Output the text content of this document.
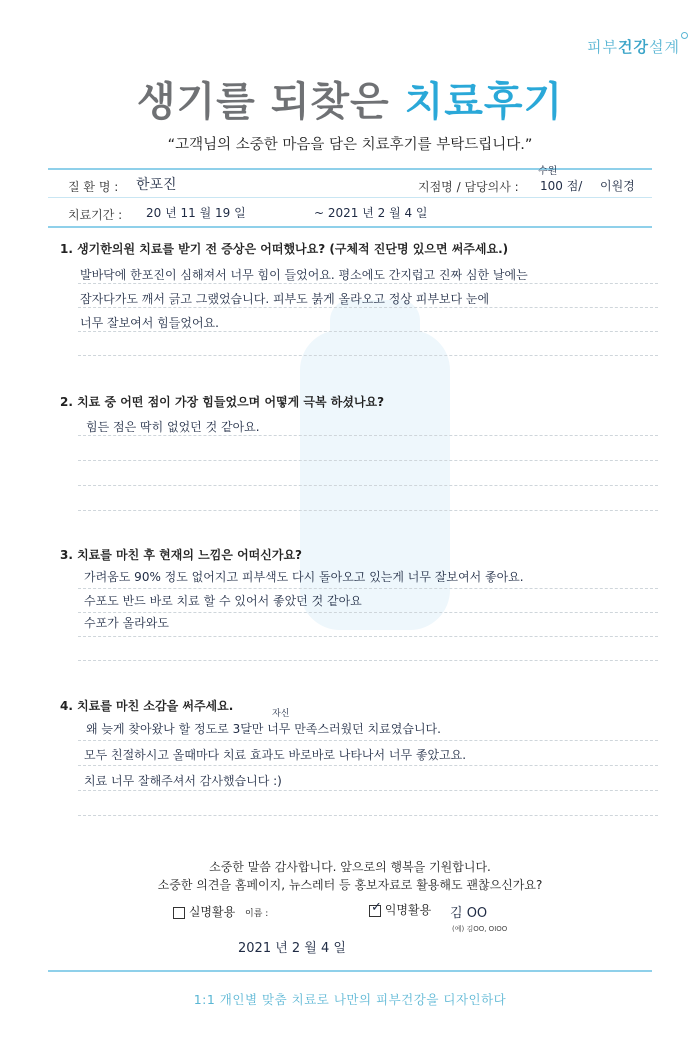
피부건강설계
생기를 되찾은 치료후기
“고객님의 소중한 마음을 담은 치료후기를 부탁드립니다.”
질 환 명 : 한포진	지점명 / 담당의사 :
수원
100 점/ 이원경
치료기간 : 20 년 11 월 19 일	~ 2021 년 2 월 4 일
1. 생기한의원 치료를 받기 전 증상은 어떠했나요? (구체적 진단명 있으면 써주세요.)
발바닥에 한포진이 심해져서 너무 힘이 들었어요. 평소에도 간지럽고 진짜 심한 날에는
잠자다가도 깨서 긁고 그랬었습니다. 피부도 붉게 올라오고 정상 피부보다 눈에
너무 잘보여서 힘들었어요.
2. 치료 중 어떤 점이 가장 힘들었으며 어떻게 극복 하셨나요?
힘든 점은 딱히 없었던 것 같아요.
3. 치료를 마친 후 현재의 느낌은 어떠신가요?
가려움도 90% 정도 없어지고 피부색도 다시 돌아오고 있는게 너무 잘보여서 좋아요.
수포도 반드 바로 치료 할 수 있어서 좋았던 것 같아요
수포가 올라와도
4. 치료를 마친 소감을 써주세요.
자신
왜 늦게 찾아왔나 할 정도로 3달만 너무 만족스러웠던 치료였습니다.
모두 친절하시고 올때마다 치료 효과도 바로바로 나타나서 너무 좋았고요.
치료 너무 잘해주셔서 감사했습니다 :)
소중한 말씀 감사합니다. 앞으로의 행복을 기원합니다.
소중한 의견을 홈페이지, 뉴스레터 등 홍보자료로 활용해도 괜찮으신가요?
실명활용 이름 :	✓ 익명활용 김 OO
(예) 김OO, OIOO
2021 년 2 월 4 일
1:1 개인별 맞춤 치료로 나만의 피부건강을 디자인하다
